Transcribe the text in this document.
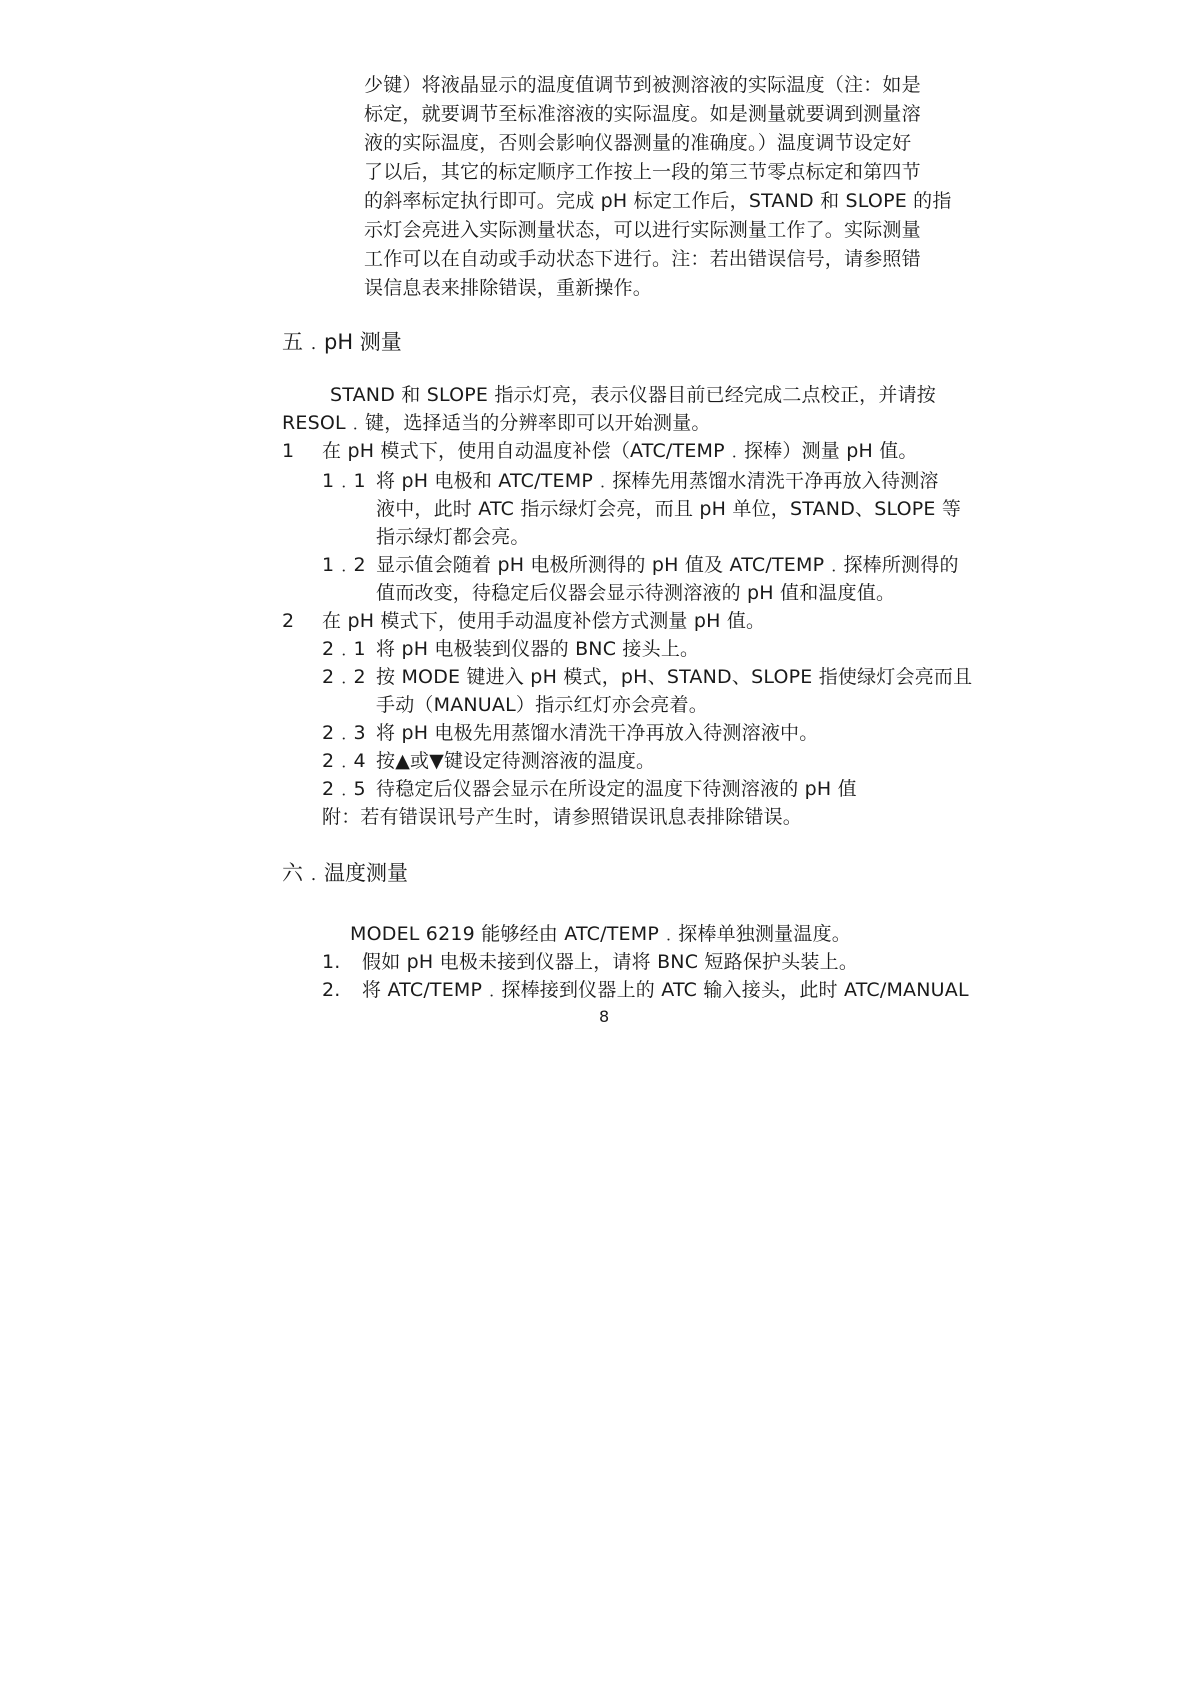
少键）将液晶显示的温度值调节到被测溶液的实际温度（注：如是
标定，就要调节至标准溶液的实际温度。如是测量就要调到测量溶
液的实际温度，否则会影响仪器测量的准确度。）温度调节设定好
了以后，其它的标定顺序工作按上一段的第三节零点标定和第四节
的斜率标定执行即可。完成 pH 标定工作后，STAND 和 SLOPE 的指
示灯会亮进入实际测量状态，可以进行实际测量工作了。实际测量
工作可以在自动或手动状态下进行。注：若出错误信号，请参照错
误信息表来排除错误，重新操作。
五﹒pH 测量
STAND 和 SLOPE 指示灯亮，表示仪器目前已经完成二点校正，并请按
RESOL﹒键，选择适当的分辨率即可以开始测量。
1 在 pH 模式下，使用自动温度补偿（ATC/TEMP﹒探棒）测量 pH 值。
1﹒1 将 pH 电极和 ATC/TEMP﹒探棒先用蒸馏水清洗干净再放入待测溶
液中，此时 ATC 指示绿灯会亮，而且 pH 单位，STAND、SLOPE 等
指示绿灯都会亮。
1﹒2 显示值会随着 pH 电极所测得的 pH 值及 ATC/TEMP﹒探棒所测得的
值而改变，待稳定后仪器会显示待测溶液的 pH 值和温度值。
2 在 pH 模式下，使用手动温度补偿方式测量 pH 值。
2﹒1 将 pH 电极装到仪器的 BNC 接头上。
2﹒2 按 MODE 键进入 pH 模式，pH、STAND、SLOPE 指使绿灯会亮而且
手动（MANUAL）指示红灯亦会亮着。
2﹒3 将 pH 电极先用蒸馏水清洗干净再放入待测溶液中。
2﹒4 按▲或▼键设定待测溶液的温度。
2﹒5 待稳定后仪器会显示在所设定的温度下待测溶液的 pH 值
附：若有错误讯号产生时，请参照错误讯息表排除错误。
六﹒温度测量
MODEL 6219 能够经由 ATC/TEMP﹒探棒单独测量温度。
1. 假如 pH 电极未接到仪器上，请将 BNC 短路保护头装上。
2. 将 ATC/TEMP﹒探棒接到仪器上的 ATC 输入接头，此时 ATC/MANUAL
8
